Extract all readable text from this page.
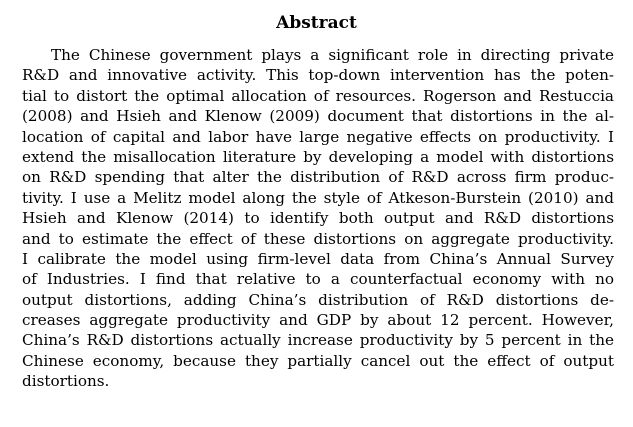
Abstract
The Chinese government plays a significant role in directing private
R&D and innovative activity. This top-down intervention has the poten-
tial to distort the optimal allocation of resources. Rogerson and Restuccia
(2008) and Hsieh and Klenow (2009) document that distortions in the al-
location of capital and labor have large negative effects on productivity. I
extend the misallocation literature by developing a model with distortions
on R&D spending that alter the distribution of R&D across firm produc-
tivity. I use a Melitz model along the style of Atkeson-Burstein (2010) and
Hsieh and Klenow (2014) to identify both output and R&D distortions
and to estimate the effect of these distortions on aggregate productivity.
I calibrate the model using firm-level data from China’s Annual Survey
of Industries. I find that relative to a counterfactual economy with no
output distortions, adding China’s distribution of R&D distortions de-
creases aggregate productivity and GDP by about 12 percent. However,
China’s R&D distortions actually increase productivity by 5 percent in the
Chinese economy, because they partially cancel out the effect of output
distortions.
